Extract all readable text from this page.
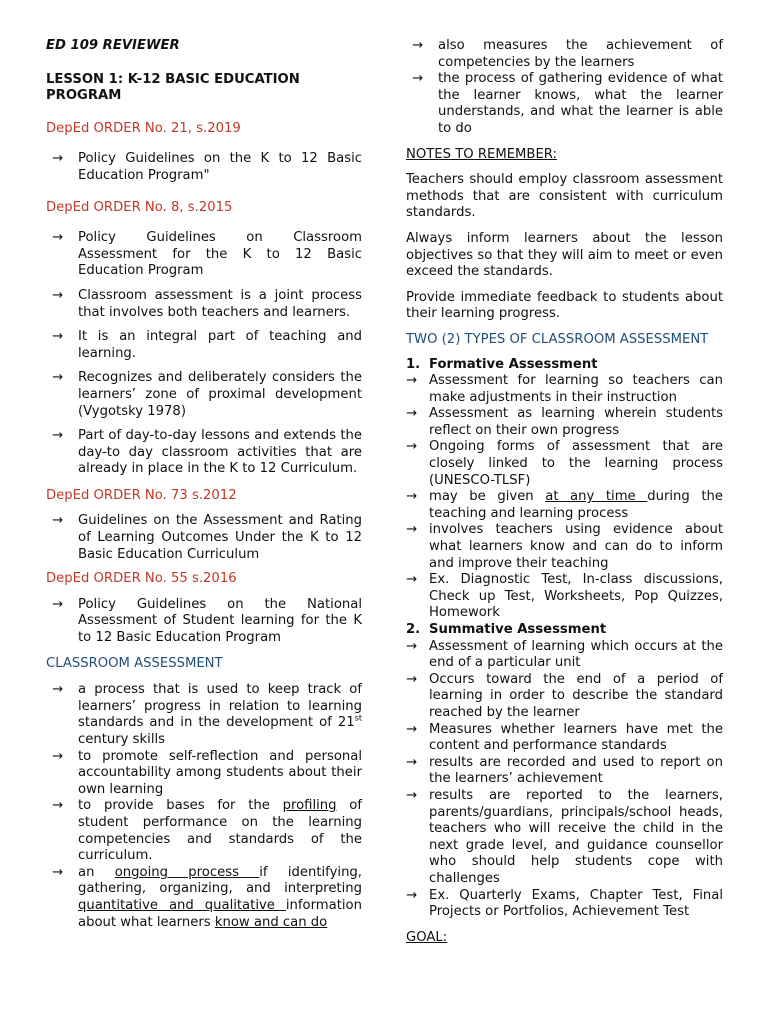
ED 109 REVIEWER
LESSON 1: K-12 BASIC EDUCATION PROGRAM
DepEd ORDER No. 21, s.2019
→	Policy Guidelines on the K to 12 Basic Education Program"
DepEd ORDER No. 8, s.2015
→	Policy Guidelines on Classroom Assessment for the K to 12 Basic Education Program
→	Classroom assessment is a joint process that involves both teachers and learners.
→	It is an integral part of teaching and learning.
→	Recognizes and deliberately considers the learners’ zone of proximal development (Vygotsky 1978)
→	Part of day-to-day lessons and extends the day-to day classroom activities that are already in place in the K to 12 Curriculum.
DepEd ORDER No. 73 s.2012
→	Guidelines on the Assessment and Rating of Learning Outcomes Under the K to 12 Basic Education Curriculum
DepEd ORDER No. 55 s.2016
→	Policy Guidelines on the National Assessment of Student learning for the K to 12 Basic Education Program
CLASSROOM ASSESSMENT
→	a process that is used to keep track of learners’ progress in relation to learning standards and in the development of 21st century skills
→	to promote self-reflection and personal accountability among students about their own learning
→	to provide bases for the profiling of student performance on the learning competencies and standards of the curriculum.
→	an ongoing process if identifying, gathering, organizing, and interpreting quantitative and qualitative information about what learners know and can do
→	also measures the achievement of competencies by the learners
→	the process of gathering evidence of what the learner knows, what the learner understands, and what the learner is able to do
NOTES TO REMEMBER:
Teachers should employ classroom assessment methods that are consistent with curriculum standards.
Always inform learners about the lesson objectives so that they will aim to meet or even exceed the standards.
Provide immediate feedback to students about their learning progress.
TWO (2) TYPES OF CLASSROOM ASSESSMENT
1. Formative Assessment
→ Assessment for learning so teachers can make adjustments in their instruction
→ Assessment as learning wherein students reflect on their own progress
→ Ongoing forms of assessment that are closely linked to the learning process (UNESCO-TLSF)
→ may be given at any time during the teaching and learning process
→ involves teachers using evidence about what learners know and can do to inform and improve their teaching
→ Ex. Diagnostic Test, In-class discussions, Check up Test, Worksheets, Pop Quizzes, Homework
2. Summative Assessment
→ Assessment of learning which occurs at the end of a particular unit
→ Occurs toward the end of a period of learning in order to describe the standard reached by the learner
→ Measures whether learners have met the content and performance standards
→ results are recorded and used to report on the learners’ achievement
→ results are reported to the learners, parents/guardians, principals/school heads, teachers who will receive the child in the next grade level, and guidance counsellor who should help students cope with challenges
→ Ex. Quarterly Exams, Chapter Test, Final Projects or Portfolios, Achievement Test
GOAL:
